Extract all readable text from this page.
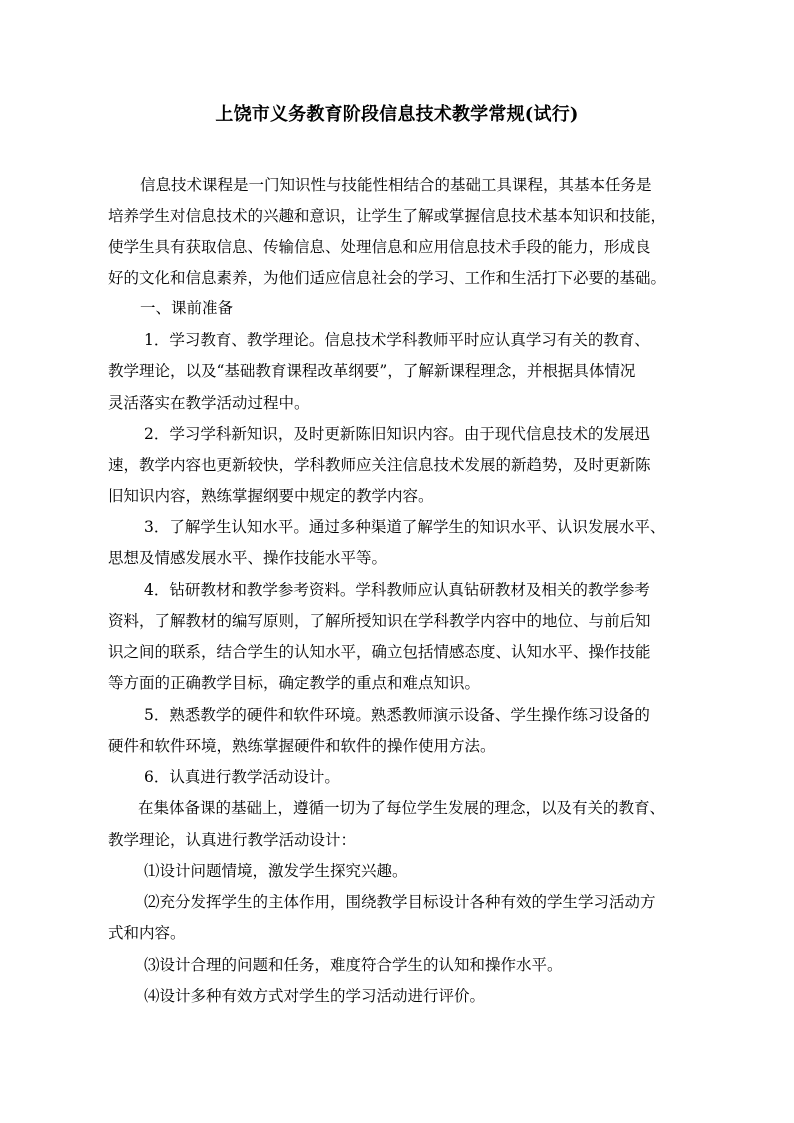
上饶市义务教育阶段信息技术教学常规(试行)
信息技术课程是一门知识性与技能性相结合的基础工具课程，其基本任务是
培养学生对信息技术的兴趣和意识，让学生了解或掌握信息技术基本知识和技能，
使学生具有获取信息、传输信息、处理信息和应用信息技术手段的能力，形成良
好的文化和信息素养，为他们适应信息社会的学习、工作和生活打下必要的基础。
一、课前准备
1．学习教育、教学理论。信息技术学科教师平时应认真学习有关的教育、
教学理论，以及“基础教育课程改革纲要”，了解新课程理念，并根据具体情况
灵活落实在教学活动过程中。
2．学习学科新知识，及时更新陈旧知识内容。由于现代信息技术的发展迅
速，教学内容也更新较快，学科教师应关注信息技术发展的新趋势，及时更新陈
旧知识内容，熟练掌握纲要中规定的教学内容。
3．了解学生认知水平。通过多种渠道了解学生的知识水平、认识发展水平、
思想及情感发展水平、操作技能水平等。
4．钻研教材和教学参考资料。学科教师应认真钻研教材及相关的教学参考
资料，了解教材的编写原则，了解所授知识在学科教学内容中的地位、与前后知
识之间的联系，结合学生的认知水平，确立包括情感态度、认知水平、操作技能
等方面的正确教学目标，确定教学的重点和难点知识。
5．熟悉教学的硬件和软件环境。熟悉教师演示设备、学生操作练习设备的
硬件和软件环境，熟练掌握硬件和软件的操作使用方法。
6．认真进行教学活动设计。
在集体备课的基础上，遵循一切为了每位学生发展的理念，以及有关的教育、
教学理论，认真进行教学活动设计：
⑴设计问题情境，激发学生探究兴趣。
⑵充分发挥学生的主体作用，围绕教学目标设计各种有效的学生学习活动方
式和内容。
⑶设计合理的问题和任务，难度符合学生的认知和操作水平。
⑷设计多种有效方式对学生的学习活动进行评价。
